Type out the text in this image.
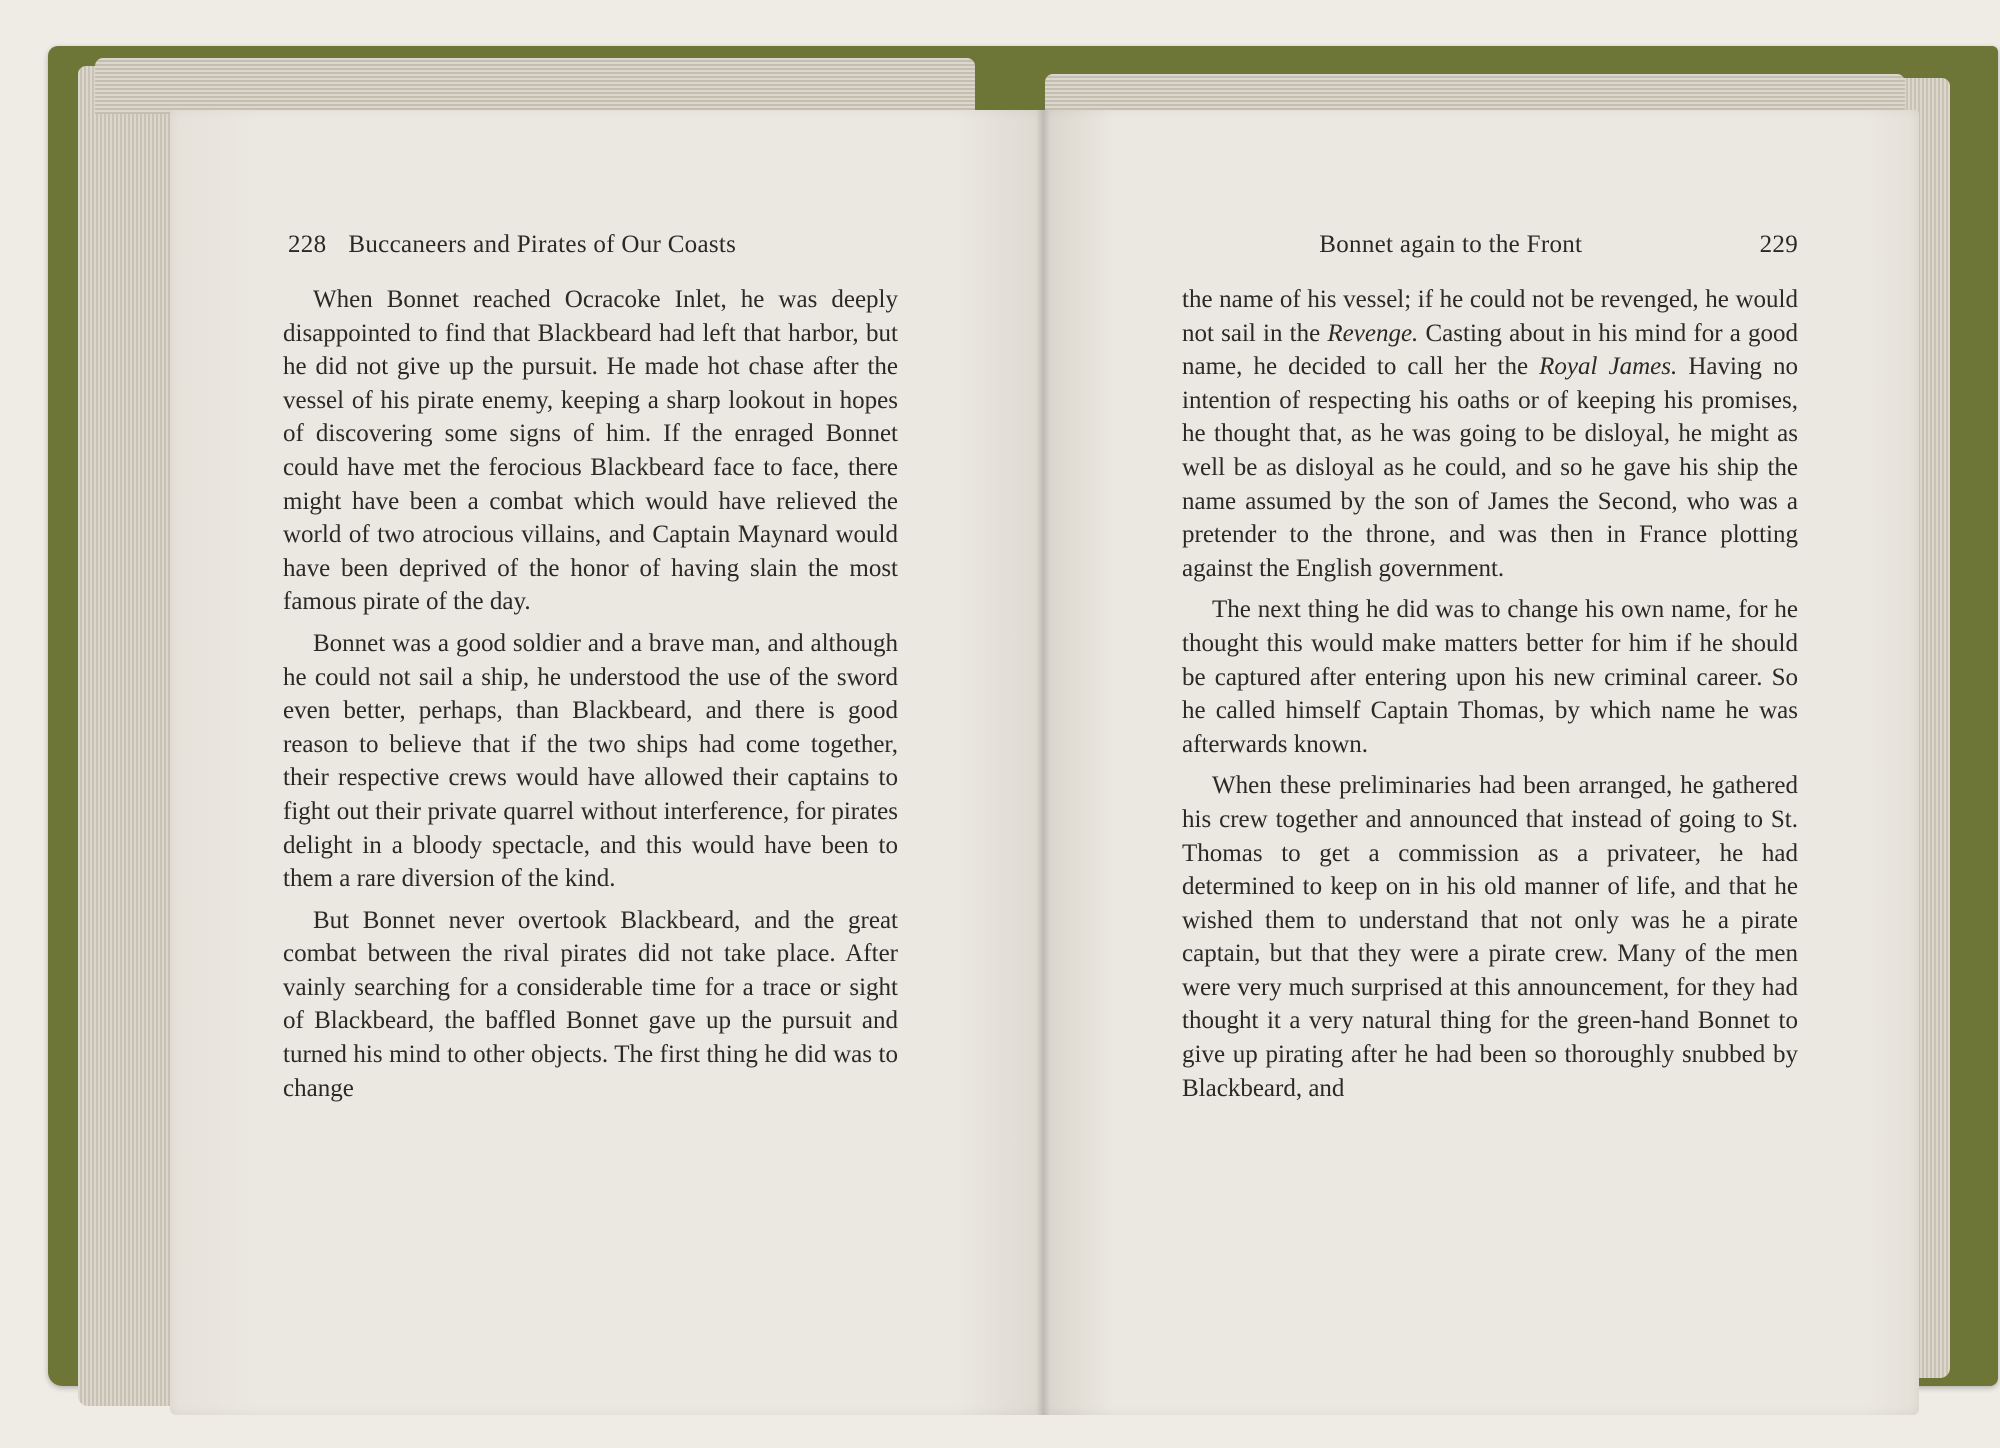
228 Buccaneers and Pirates of Our Coasts	Bonnet again to the Front	229

When Bonnet reached Ocracoke Inlet, he was deeply disappointed to find that Blackbeard had left that harbor, but he did not give up the pursuit. He made hot chase after the vessel of his pirate enemy, keeping a sharp lookout in hopes of discovering some signs of him. If the enraged Bonnet could have met the ferocious Blackbeard face to face, there might have been a combat which would have relieved the world of two atrocious villains, and Captain Maynard would have been deprived of the honor of having slain the most famous pirate of the day.

Bonnet was a good soldier and a brave man, and although he could not sail a ship, he understood the use of the sword even better, perhaps, than Blackbeard, and there is good reason to believe that if the two ships had come together, their respective crews would have allowed their captains to fight out their private quarrel without interference, for pirates delight in a bloody spectacle, and this would have been to them a rare diversion of the kind.

But Bonnet never overtook Blackbeard, and the great combat between the rival pirates did not take place. After vainly searching for a considerable time for a trace or sight of Blackbeard, the baffled Bonnet gave up the pursuit and turned his mind to other objects. The first thing he did was to change

the name of his vessel; if he could not be revenged, he would not sail in the Revenge. Casting about in his mind for a good name, he decided to call her the Royal James. Having no intention of respecting his oaths or of keeping his promises, he thought that, as he was going to be disloyal, he might as well be as disloyal as he could, and so he gave his ship the name assumed by the son of James the Second, who was a pretender to the throne, and was then in France plotting against the English government.

The next thing he did was to change his own name, for he thought this would make matters better for him if he should be captured after entering upon his new criminal career. So he called himself Captain Thomas, by which name he was afterwards known.

When these preliminaries had been arranged, he gathered his crew together and announced that instead of going to St. Thomas to get a commission as a privateer, he had determined to keep on in his old manner of life, and that he wished them to understand that not only was he a pirate captain, but that they were a pirate crew. Many of the men were very much surprised at this announcement, for they had thought it a very natural thing for the green-hand Bonnet to give up pirating after he had been so thoroughly snubbed by Blackbeard, and
